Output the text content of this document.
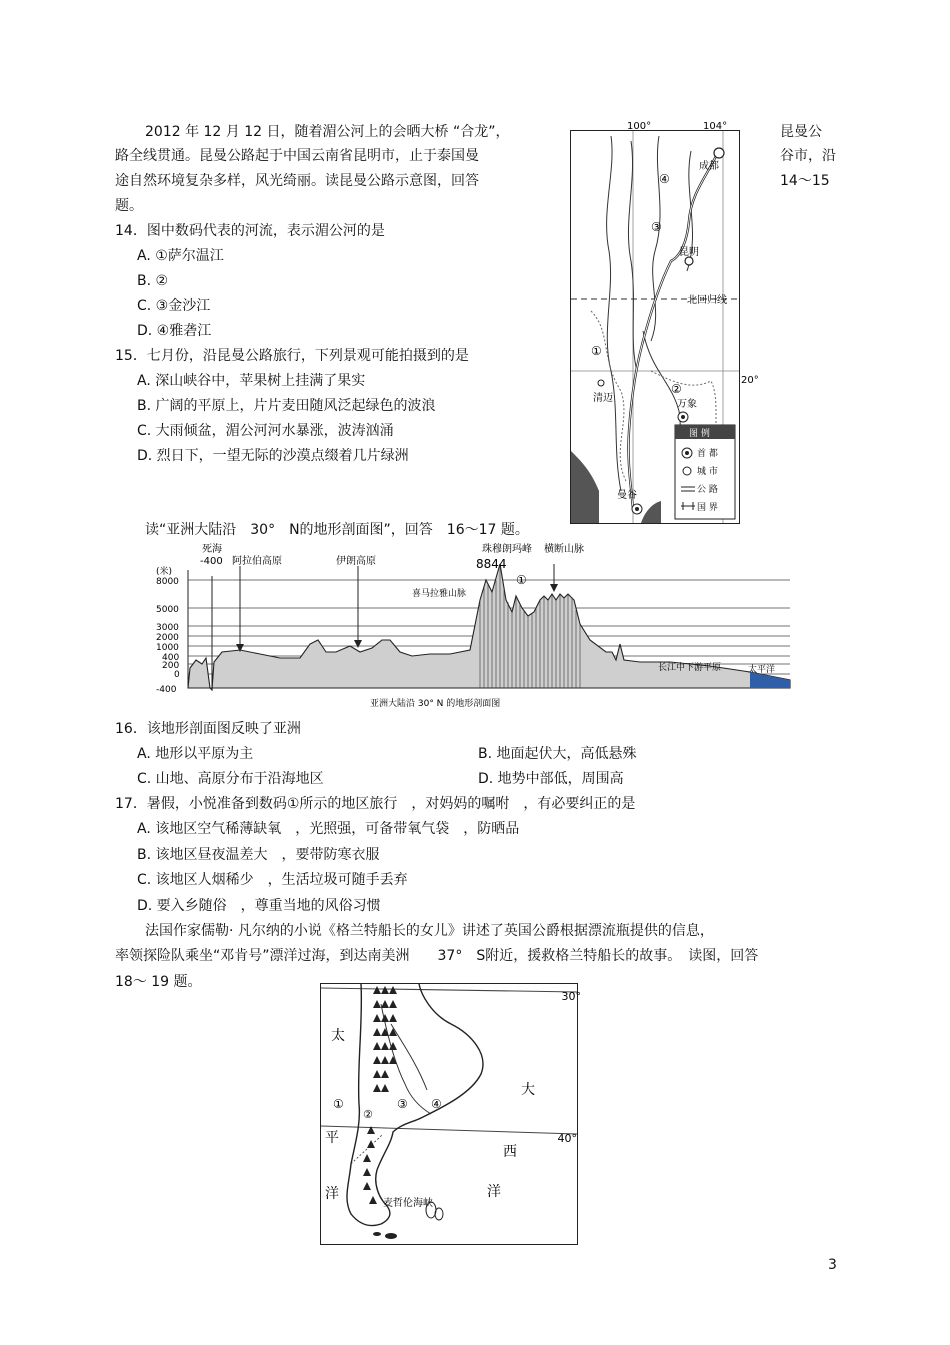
2012 年 12 月 12 日，随着湄公河上的会晒大桥 “合龙”，
路全线贯通。昆曼公路起于中国云南省昆明市，止于泰国曼
途自然环境复杂多样，风光绮丽。读昆曼公路示意图，回答
题。
昆曼公
谷市，沿
14～15
100°	104°
成都
昆明
北回归线
20°
清迈
万象
曼谷
①
②
③
④
图 例
首 都
城 市
公 路
国 界
14．图中数码代表的河流，表示湄公河的是
A. ①萨尔温江
B. ②
C. ③金沙江
D. ④雅砻江
15．七月份，沿昆曼公路旅行，下列景观可能拍摄到的是
A. 深山峡谷中，苹果树上挂满了果实
B. 广阔的平原上，片片麦田随风泛起绿色的波浪
C. 大雨倾盆，湄公河河水暴涨，波涛汹涌
D. 烈日下，一望无际的沙漠点缀着几片绿洲
读“亚洲大陆沿　30°　N的地形剖面图”，回答　16～17 题。
(米)
8000
5000
3000
2000
1000
400
200
0
-400
死海
-400 阿拉伯高原	伊朗高原
珠穆朗玛峰
8844
横断山脉
喜马拉雅山脉
①
长江中下游平原	太平洋
亚洲大陆沿 30° N 的地形剖面图
16．该地形剖面图反映了亚洲
A. 地形以平原为主	B. 地面起伏大，高低悬殊
C. 山地、高原分布于沿海地区	D. 地势中部低，周围高
17．暑假，小悦准备到数码①所示的地区旅行　，对妈妈的嘱咐　，有必要纠正的是
A. 该地区空气稀薄缺氧　，光照强，可备带氧气袋　，防晒品
B. 该地区昼夜温差大　，要带防寒衣服
C. 该地区人烟稀少　，生活垃圾可随手丢弃
D. 要入乡随俗　，尊重当地的风俗习惯
法国作家儒勒· 凡尔纳的小说《格兰特船长的女儿》讲述了英国公爵根据漂流瓶提供的信息，
率领探险队乘坐“邓肯号”漂洋过海，到达南美洲　　37°　S附近，援救格兰特船长的故事。　读图，回答
18～ 19 题。
30°
40°
太
平
洋
大
西
洋
麦哲伦海峡
①
②
③ ④
3
